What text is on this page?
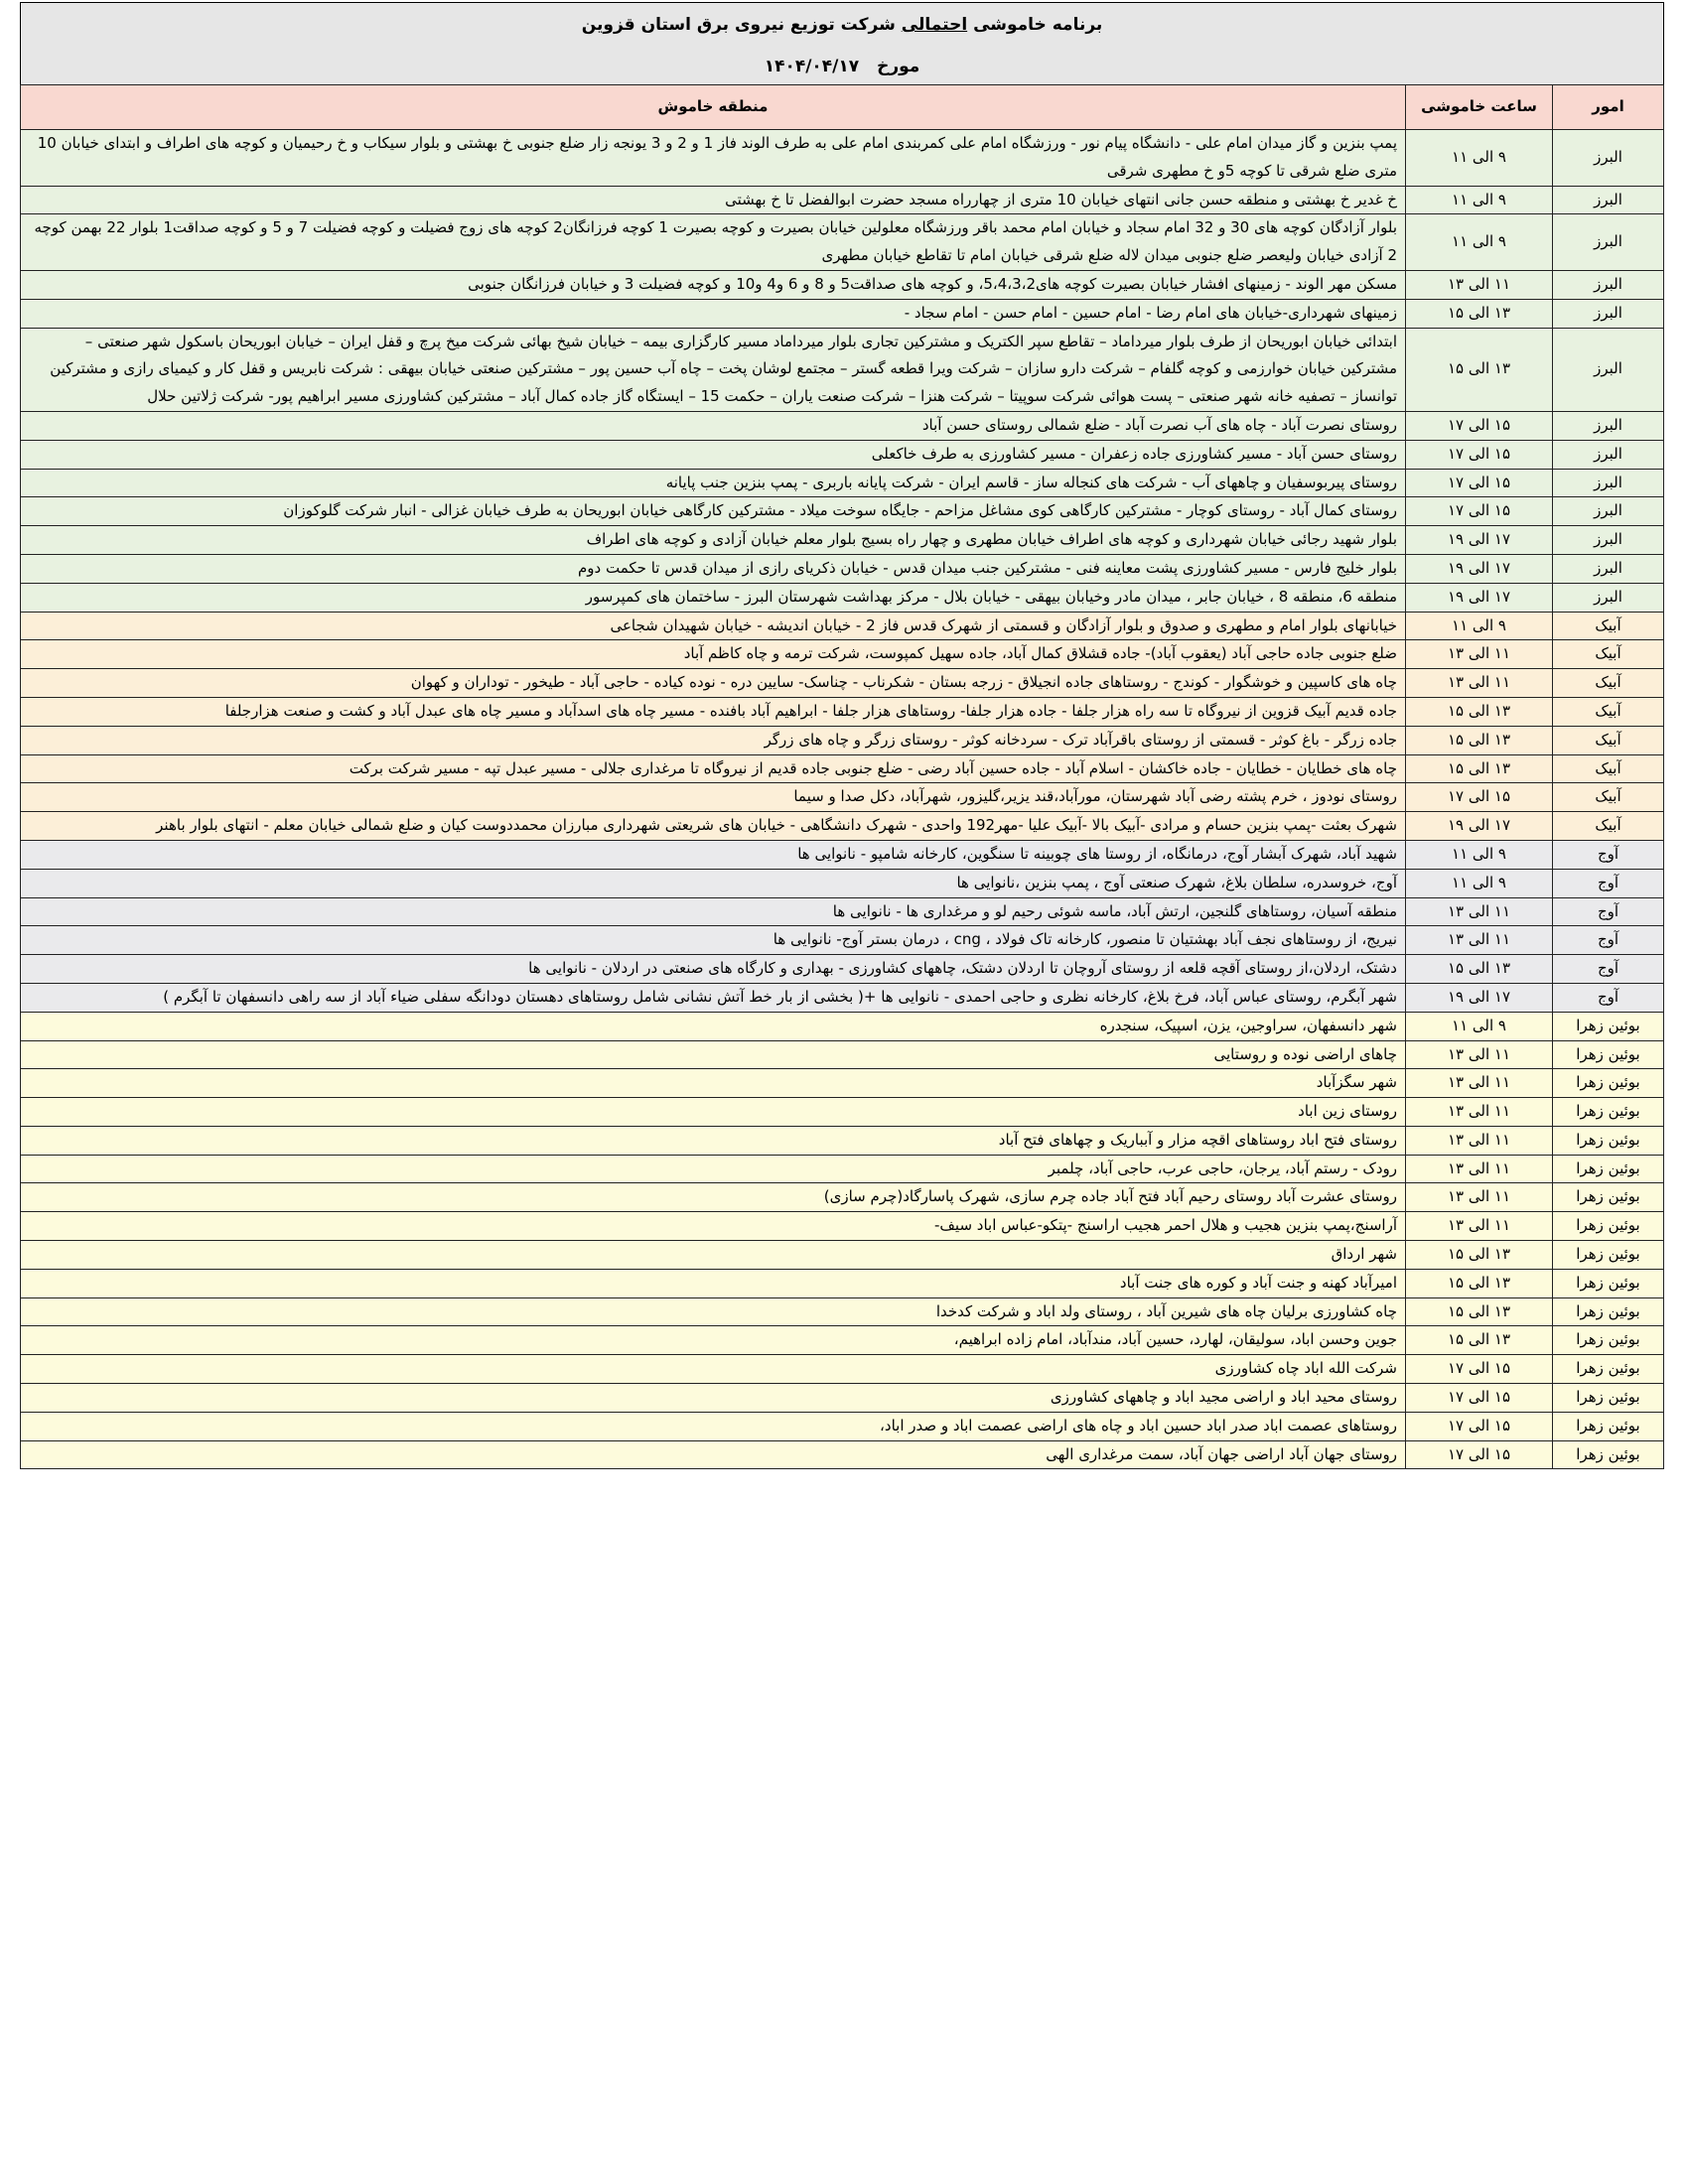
برنامه خاموشی احتمالی شرکت توزیع نیروی برق استان قزوین
مورخ ۱۴۰۴/۰۴/۱۷
امور	ساعت خاموشی	منطقه خاموش
البرز	۹ الی ۱۱	پمپ بنزین و گاز میدان امام علی - دانشگاه پیام نور - ورزشگاه امام علی کمربندی امام علی به طرف الوند فاز 1 و 2 و 3 یونجه زار ضلع جنوبی خ بهشتی و بلوار سیکاب و خ رحیمیان و کوچه های اطراف و ابتدای خیابان 10 متری ضلع شرقی تا کوچه 5و خ مطهری شرقی
البرز	۹ الی ۱۱	خ غدیر خ بهشتی و منطقه حسن جانی انتهای خیابان 10 متری از چهارراه مسجد حضرت ابوالفضل تا خ بهشتی
البرز	۹ الی ۱۱	بلوار آزادگان کوچه های 30 و 32 امام سجاد و خیابان امام محمد باقر ورزشگاه معلولین خیابان بصیرت و کوچه بصیرت 1 کوچه فرزانگان2 کوچه های زوج فضیلت و کوچه فضیلت 7 و 5 و کوچه صداقت1 بلوار 22 بهمن کوچه 2 آزادی خیابان ولیعصر ضلع جنوبی میدان لاله ضلع شرقی خیابان امام تا تقاطع خیابان مطهری
البرز	۱۱ الی ۱۳	مسکن مهر الوند - زمینهای افشار خیابان بصیرت کوچه های5،4،3،2، و کوچه های صداقت5 و 8 و 6 و4 و10 و کوچه فضیلت 3 و خیابان فرزانگان جنوبی
البرز	۱۳ الی ۱۵	زمینهای شهرداری-خیابان های امام رضا - امام حسین - امام حسن - امام سجاد -
البرز	۱۳ الی ۱۵	ابتدائی خیابان ابوریحان از طرف بلوار میرداماد – تقاطع سپر الکتریک و مشترکین تجاری بلوار میرداماد مسیر کارگزاری بیمه – خیابان شیخ بهائی شرکت میخ پرچ و قفل ایران – خیابان ابوریحان باسکول شهر صنعتی – مشترکین خیابان خوارزمی و کوچه گلفام – شرکت دارو سازان – شرکت ویرا قطعه گستر – مجتمع لوشان پخت – چاه آب حسین پور – مشترکین صنعتی خیابان بیهقی : شرکت نابریس و قفل کار و کیمیای رازی و مشترکین توانساز – تصفیه خانه شهر صنعتی – پست هوائی شرکت سوپیتا – شرکت هنزا – شرکت صنعت یاران – حکمت 15 – ایستگاه گاز جاده کمال آباد – مشترکین کشاورزی مسیر ابراهیم پور- شرکت ژلاتین حلال
البرز	۱۵ الی ۱۷	روستای نصرت آباد - چاه های آب نصرت آباد - ضلع شمالی روستای حسن آباد
البرز	۱۵ الی ۱۷	روستای حسن آباد - مسیر کشاورزی جاده زعفران - مسیر کشاورزی به طرف خاکعلی
البرز	۱۵ الی ۱۷	روستای پیربوسفیان و چاههای آب - شرکت های کنجاله ساز - قاسم ایران - شرکت پایانه باربری - پمپ بنزین جنب پایانه
البرز	۱۵ الی ۱۷	روستای کمال آباد - روستای کوچار - مشترکین کارگاهی کوی مشاغل مزاحم - جایگاه سوخت میلاد - مشترکین کارگاهی خیابان ابوریحان به طرف خیابان غزالی - انبار شرکت گلوکوزان
البرز	۱۷ الی ۱۹	بلوار شهید رجائی خیابان شهرداری و کوچه های اطراف خیابان مطهری و چهار راه بسیج بلوار معلم خیابان آزادی و کوچه های اطراف
البرز	۱۷ الی ۱۹	بلوار خلیج فارس - مسیر کشاورزی پشت معاینه فنی - مشترکین جنب میدان قدس - خیابان ذکریای رازی از میدان قدس تا حکمت دوم
البرز	۱۷ الی ۱۹	منطقه 6، منطقه 8 ، خیابان جابر ، میدان مادر وخیابان بیهقی - خیابان بلال - مرکز بهداشت شهرستان البرز - ساختمان های کمپرسور
آبیک	۹ الی ۱۱	خیابانهای بلوار امام و مطهری و صدوق و بلوار آزادگان و قسمتی از شهرک قدس فاز 2 - خیابان اندیشه - خیابان شهیدان شجاعی
آبیک	۱۱ الی ۱۳	ضلع جنوبی جاده حاجی آباد (یعقوب آباد)- جاده قشلاق کمال آباد، جاده سهیل کمپوست، شرکت ترمه و چاه کاظم آباد
آبیک	۱۱ الی ۱۳	چاه های کاسپین و خوشگوار - کوندج - روستاهای جاده انجیلاق - زرجه بستان - شکرناب - چناسک- سایین دره - نوده کیاده - حاجی آباد - طیخور - توداران و کهوان
آبیک	۱۳ الی ۱۵	جاده قدیم آبیک قزوین از نیروگاه تا سه راه هزار جلفا - جاده هزار جلفا- روستاهای هزار جلفا - ابراهیم آباد بافنده - مسیر چاه های اسدآباد و مسیر چاه های عبدل آباد و کشت و صنعت هزارجلفا
آبیک	۱۳ الی ۱۵	جاده زرگر - باغ کوثر - قسمتی از روستای باقرآباد ترک - سردخانه کوثر - روستای زرگر و چاه های زرگر
آبیک	۱۳ الی ۱۵	چاه های خطایان - خطایان - جاده خاکشان - اسلام آباد - جاده حسین آباد رضی - ضلع جنوبی جاده قدیم از نیروگاه تا مرغداری جلالی - مسیر عبدل تپه - مسیر شرکت برکت
آبیک	۱۵ الی ۱۷	روستای نودوز ، خرم پشته رضی آباد شهرستان، مورآباد،قند یزیر،گلیزور، شهرآباد، دکل صدا و سیما
آبیک	۱۷ الی ۱۹	شهرک بعثت -پمپ بنزین حسام و مرادی -آبیک بالا -آبیک علیا -مهر192 واحدی - شهرک دانشگاهی - خیابان های شریعتی شهرداری مبارزان محمددوست کیان و ضلع شمالی خیابان معلم - انتهای بلوار باهنر
آوج	۹ الی ۱۱	شهید آباد، شهرک آبشار آوج، درمانگاه، از روستا های چوبینه تا سنگوین، کارخانه شامپو - نانوایی ها
آوج	۹ الی ۱۱	آوج، خروسدره، سلطان بلاغ، شهرک صنعتی آوج ، پمپ بنزین ،نانوایی ها
آوج	۱۱ الی ۱۳	منطقه آسیان، روستاهای گلنجین، ارتش آباد، ماسه شوئی رحیم لو و مرغداری ها - نانوایی ها
آوج	۱۱ الی ۱۳	نیریج، از روستاهای نجف آباد بهشتیان تا منصور، کارخانه تاک فولاد ، cng ، درمان بستر آوج- نانوایی ها
آوج	۱۳ الی ۱۵	دشتک، اردلان،از روستای آقچه قلعه از روستای آروچان تا اردلان دشتک، چاههای کشاورزی - بهداری و کارگاه های صنعتی در اردلان - نانوایی ها
آوج	۱۷ الی ۱۹	شهر آبگرم، روستای عباس آباد، فرخ بلاغ، کارخانه نظری و حاجی احمدی - نانوایی ها +( بخشی از بار خط آتش نشانی شامل روستاهای دهستان دودانگه سفلی ضیاء آباد از سه راهی دانسفهان تا آبگرم )
بوئین زهرا	۹ الی ۱۱	شهر دانسفهان، سراوجین، یزن، اسپیک، سنجدره
بوئین زهرا	۱۱ الی ۱۳	چاهای اراضی نوده و روستایی
بوئین زهرا	۱۱ الی ۱۳	شهر سگزآباد
بوئین زهرا	۱۱ الی ۱۳	روستای زین اباد
بوئین زهرا	۱۱ الی ۱۳	روستای فتح اباد روستاهای اقچه مزار و آبباریک و چهاهای فتح آباد
بوئین زهرا	۱۱ الی ۱۳	رودک - رستم آباد، یرجان، حاجی عرب، حاجی آباد، چلمبر
بوئین زهرا	۱۱ الی ۱۳	روستای عشرت آباد روستای رحیم آباد فتح آباد جاده چرم سازی، شهرک پاسارگاد(چرم سازی)
بوئین زهرا	۱۱ الی ۱۳	آراسنج،پمپ بنزین هجیب و هلال احمر هجیب اراسنج -پتکو-عباس اباد سیف-
بوئین زهرا	۱۳ الی ۱۵	شهر ارداق
بوئین زهرا	۱۳ الی ۱۵	امیرآباد کهنه و جنت آباد و کوره های جنت آباد
بوئین زهرا	۱۳ الی ۱۵	چاه کشاورزی برلیان چاه های شیرین آباد ، روستای ولد اباد و شرکت کدخدا
بوئین زهرا	۱۳ الی ۱۵	جوین وحسن اباد، سولیقان، لهارد، حسین آباد، مندآباد، امام زاده ابراهیم،
بوئین زهرا	۱۵ الی ۱۷	شرکت الله اباد چاه کشاورزی
بوئین زهرا	۱۵ الی ۱۷	روستای محید اباد و اراضی مجید اباد و چاههای کشاورزی
بوئین زهرا	۱۵ الی ۱۷	روستاهای عصمت اباد صدر اباد حسین اباد و چاه های اراضی عصمت اباد و صدر اباد،
بوئین زهرا	۱۵ الی ۱۷	روستای جهان آباد اراضی جهان آباد، سمت مرغداری الهی
